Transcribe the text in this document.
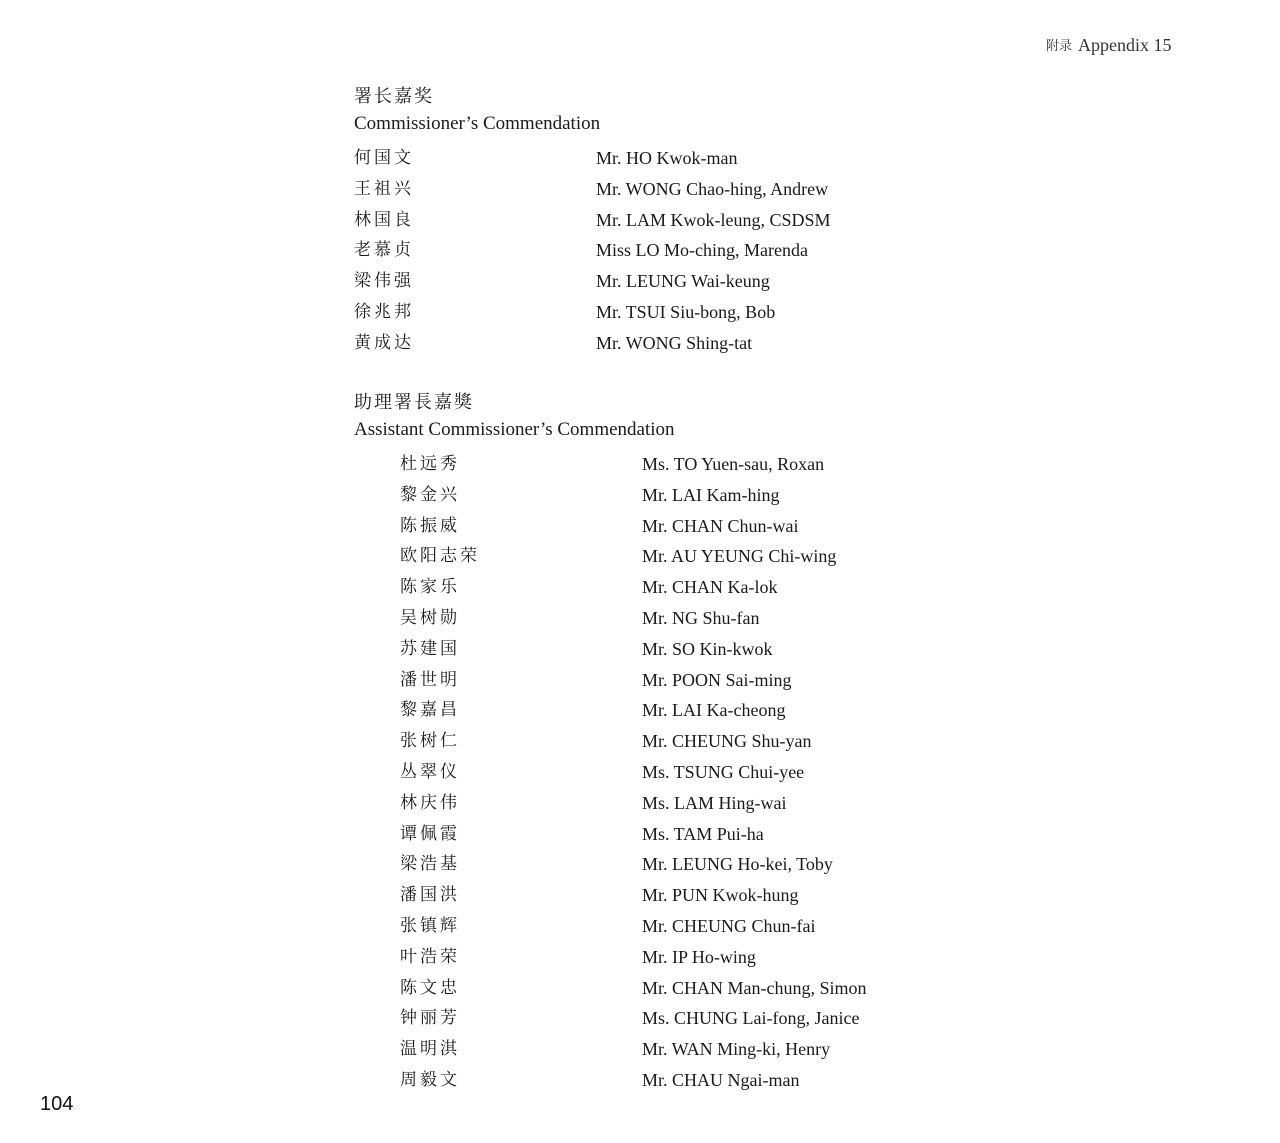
附录 Appendix 15
署长嘉奖
Commissioner’s Commendation
何国文	Mr. HO Kwok-man
王祖兴	Mr. WONG Chao-hing, Andrew
林国良	Mr. LAM Kwok-leung, CSDSM
老慕贞	Miss LO Mo-ching, Marenda
梁伟强	Mr. LEUNG Wai-keung
徐兆邦	Mr. TSUI Siu-bong, Bob
黄成达	Mr. WONG Shing-tat
助理署長嘉獎
Assistant Commissioner’s Commendation
杜远秀	Ms. TO Yuen-sau, Roxan
黎金兴	Mr. LAI Kam-hing
陈振威	Mr. CHAN Chun-wai
欧阳志荣	Mr. AU YEUNG Chi-wing
陈家乐	Mr. CHAN Ka-lok
吴树勋	Mr. NG Shu-fan
苏建国	Mr. SO Kin-kwok
潘世明	Mr. POON Sai-ming
黎嘉昌	Mr. LAI Ka-cheong
张树仁	Mr. CHEUNG Shu-yan
丛翠仪	Ms. TSUNG Chui-yee
林庆伟	Ms. LAM Hing-wai
谭佩霞	Ms. TAM Pui-ha
梁浩基	Mr. LEUNG Ho-kei, Toby
潘国洪	Mr. PUN Kwok-hung
张镇辉	Mr. CHEUNG Chun-fai
叶浩荣	Mr. IP Ho-wing
陈文忠	Mr. CHAN Man-chung, Simon
钟丽芳	Ms. CHUNG Lai-fong, Janice
温明淇	Mr. WAN Ming-ki, Henry
周毅文	Mr. CHAU Ngai-man
104
